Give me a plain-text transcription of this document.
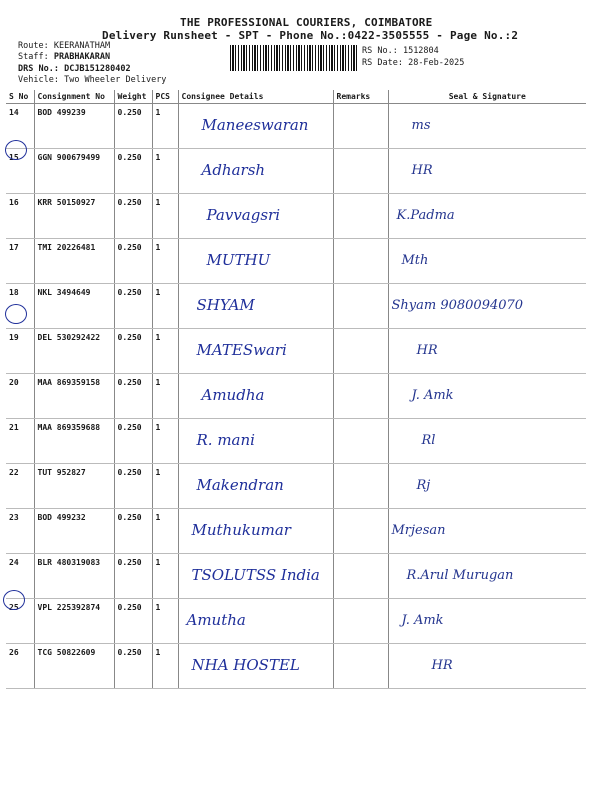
THE PROFESSIONAL COURIERS, COIMBATORE
Delivery Runsheet - SPT - Phone No.:0422-3505555 - Page No.:2
Route: KEERANATHAM
Staff: PRABHAKARAN
DRS No.: DCJB151280402
Vehicle: Two Wheeler Delivery
RS No.: 1512804
RS Date: 28-Feb-2025
S No	Consignment No	Weight	PCS	Consignee Details	Remarks	Seal & Signature
14	BOD 499239	0.250	1	Maneeswaran		ms

15	GGN 900679499	0.250	1	Adharsh		HR

16	KRR 50150927	0.250	1	Pavvagsri		K.Padma

17	TMI 20226481	0.250	1	MUTHU		Mth

18	NKL 3494649	0.250	1	SHYAM		Shyam 9080094070

19	DEL 530292422	0.250	1	MATESwari		HR

20	MAA 869359158	0.250	1	Amudha		J. Amk

21	MAA 869359688	0.250	1	R. mani		Rl

22	TUT 952827	0.250	1	Makendran		Rj

23	BOD 499232	0.250	1	Muthukumar		Mrjesan

24	BLR 480319083	0.250	1	TSOLUTSS India		R.Arul Murugan

25	VPL 225392874	0.250	1	Amutha		J. Amk

26	TCG 50822609	0.250	1	NHA HOSTEL		HR
